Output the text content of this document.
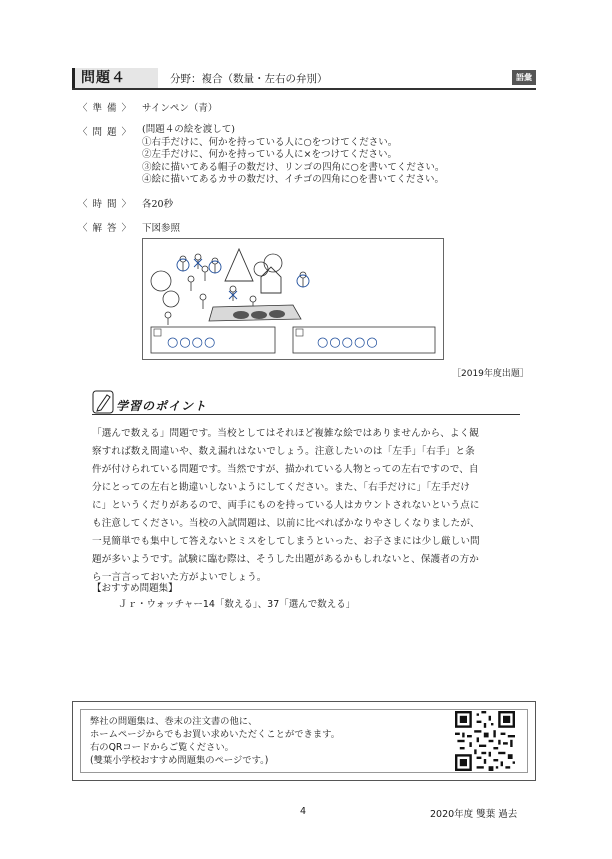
問題４	分野：複合（数量・左右の弁別）	語彙
〈 準 備 〉 サインペン（青）
〈 問 題 〉 (問題４の絵を渡して)
①右手だけに、何かを持っている人に○をつけてください。
②左手だけに、何かを持っている人に×をつけてください。
③絵に描いてある帽子の数だけ、リンゴの四角に○を書いてください。
④絵に描いてあるカサの数だけ、イチゴの四角に○を書いてください。
〈 時 間 〉 各20秒
〈 解 答 〉 下図参照
○○○○	○○○○○
［2019年度出題］
学習のポイント
「選んで数える」問題です。当校としてはそれほど複雑な絵ではありませんから、よく観
察すれば数え間違いや、数え漏れはないでしょう。注意したいのは「左手」「右手」と条
件が付けられている問題です。当然ですが、描かれている人物とっての左右ですので、自
分にとっての左右と勘違いしないようにしてください。また、「右手だけに」「左手だけ
に」というくだりがあるので、両手にものを持っている人はカウントされないという点に
も注意してください。当校の入試問題は、以前に比べればかなりやさしくなりましたが、
一見簡単でも集中して答えないとミスをしてしまうといった、お子さまには少し厳しい問
題が多いようです。試験に臨む際は、そうした出題があるかもしれないと、保護者の方か
ら一言言っておいた方がよいでしょう。
【おすすめ問題集】
Ｊｒ・ウォッチャー14「数える」、37「選んで数える」
弊社の問題集は、巻末の注文書の他に、
ホームページからでもお買い求めいただくことができます。
右のQRコードからご覧ください。
(雙葉小学校おすすめ問題集のページです。)
4	2020年度 雙葉 過去
